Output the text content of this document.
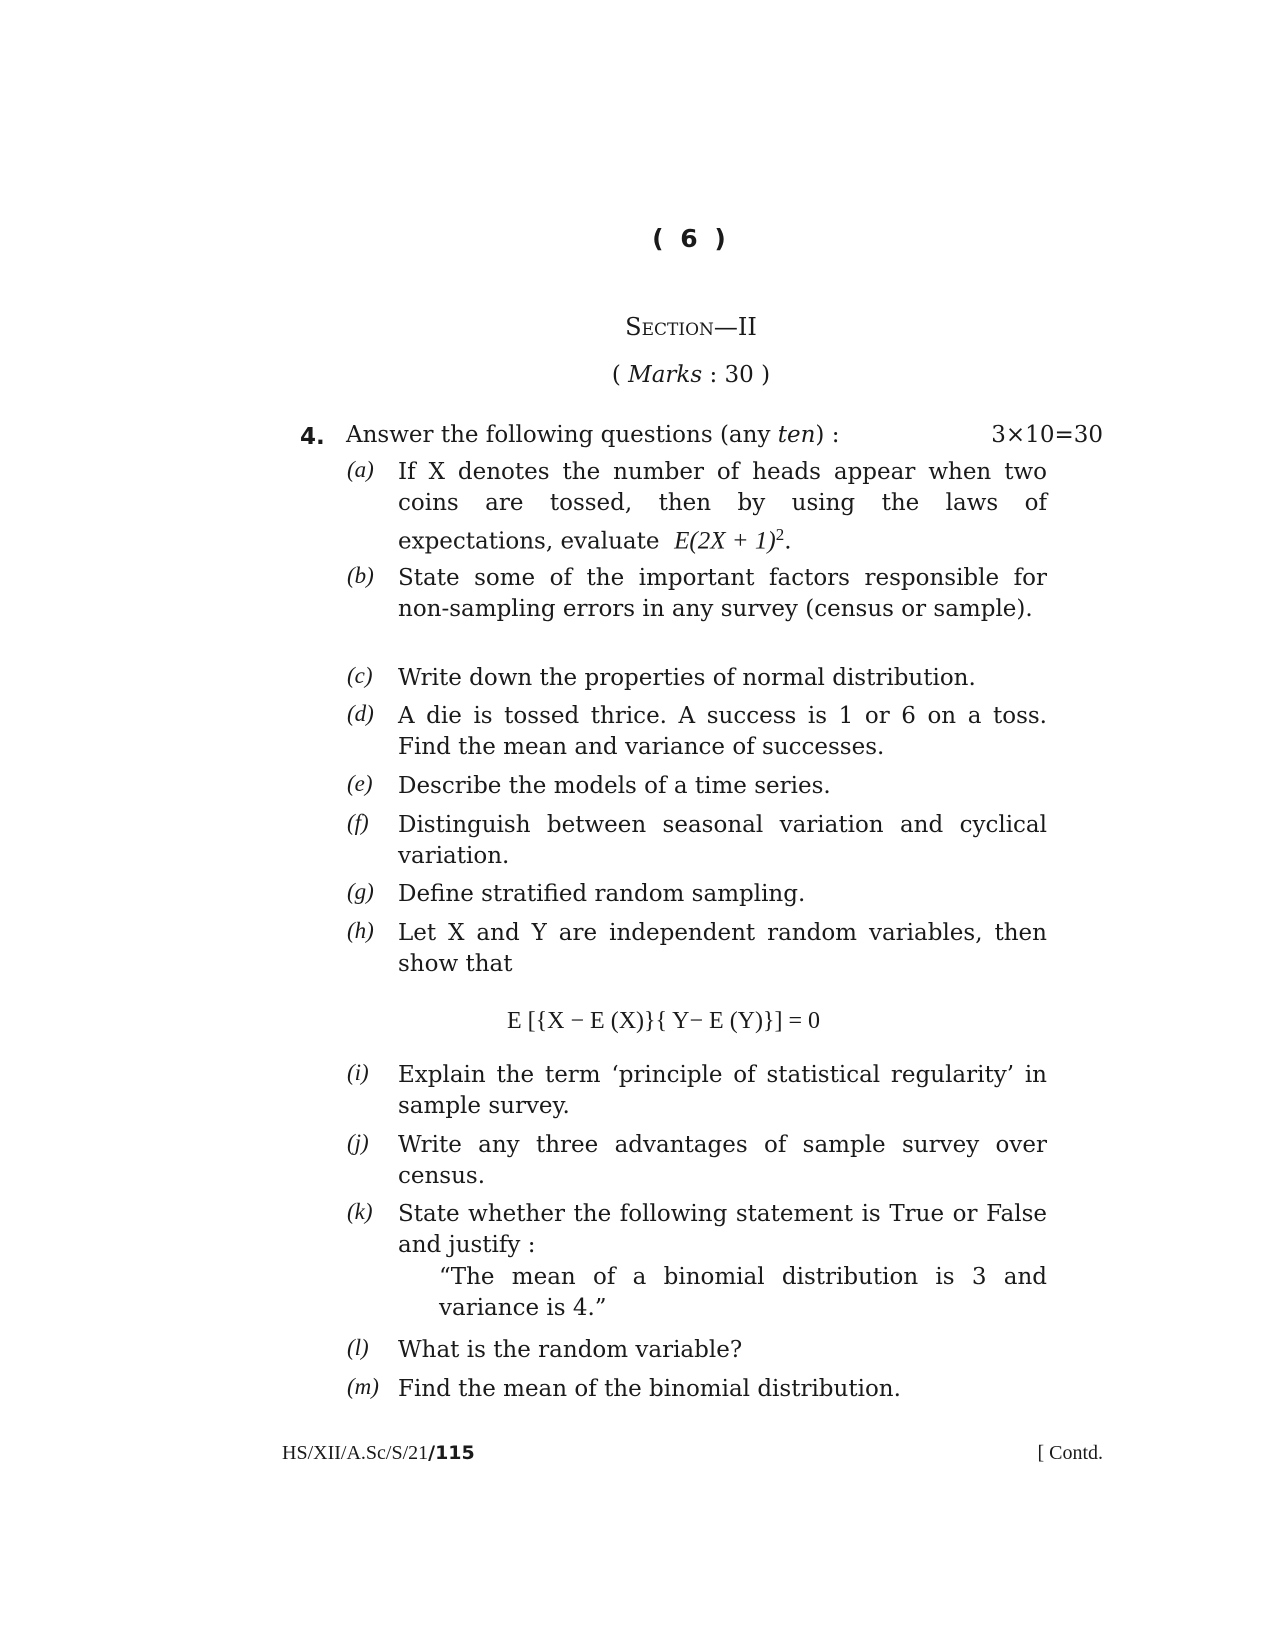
( 6 )
Section—II
( Marks : 30 )
4. Answer the following questions (any ten) :	3×10=30
(a) If X denotes the number of heads appear when two coins are tossed, then by using the laws of expectations, evaluate $E(2X + 1)^2$.
(b) State some of the important factors responsible for non-sampling errors in any survey (census or sample).
(c) Write down the properties of normal distribution.
(d) A die is tossed thrice. A success is 1 or 6 on a toss. Find the mean and variance of successes.
(e) Describe the models of a time series.
(f) Distinguish between seasonal variation and cyclical variation.
(g) Define stratified random sampling.
(h) Let X and Y are independent random variables, then show that
E [{X − E (X)}{ Y− E (Y)}] = 0
(i) Explain the term ‘principle of statistical regularity’ in sample survey.
(j) Write any three advantages of sample survey over census.
(k) State whether the following statement is True or False and justify :
“The mean of a binomial distribution is 3 and variance is 4.”
(l) What is the random variable?
(m) Find the mean of the binomial distribution.
HS/XII/A.Sc/S/21/115	[ Contd.
